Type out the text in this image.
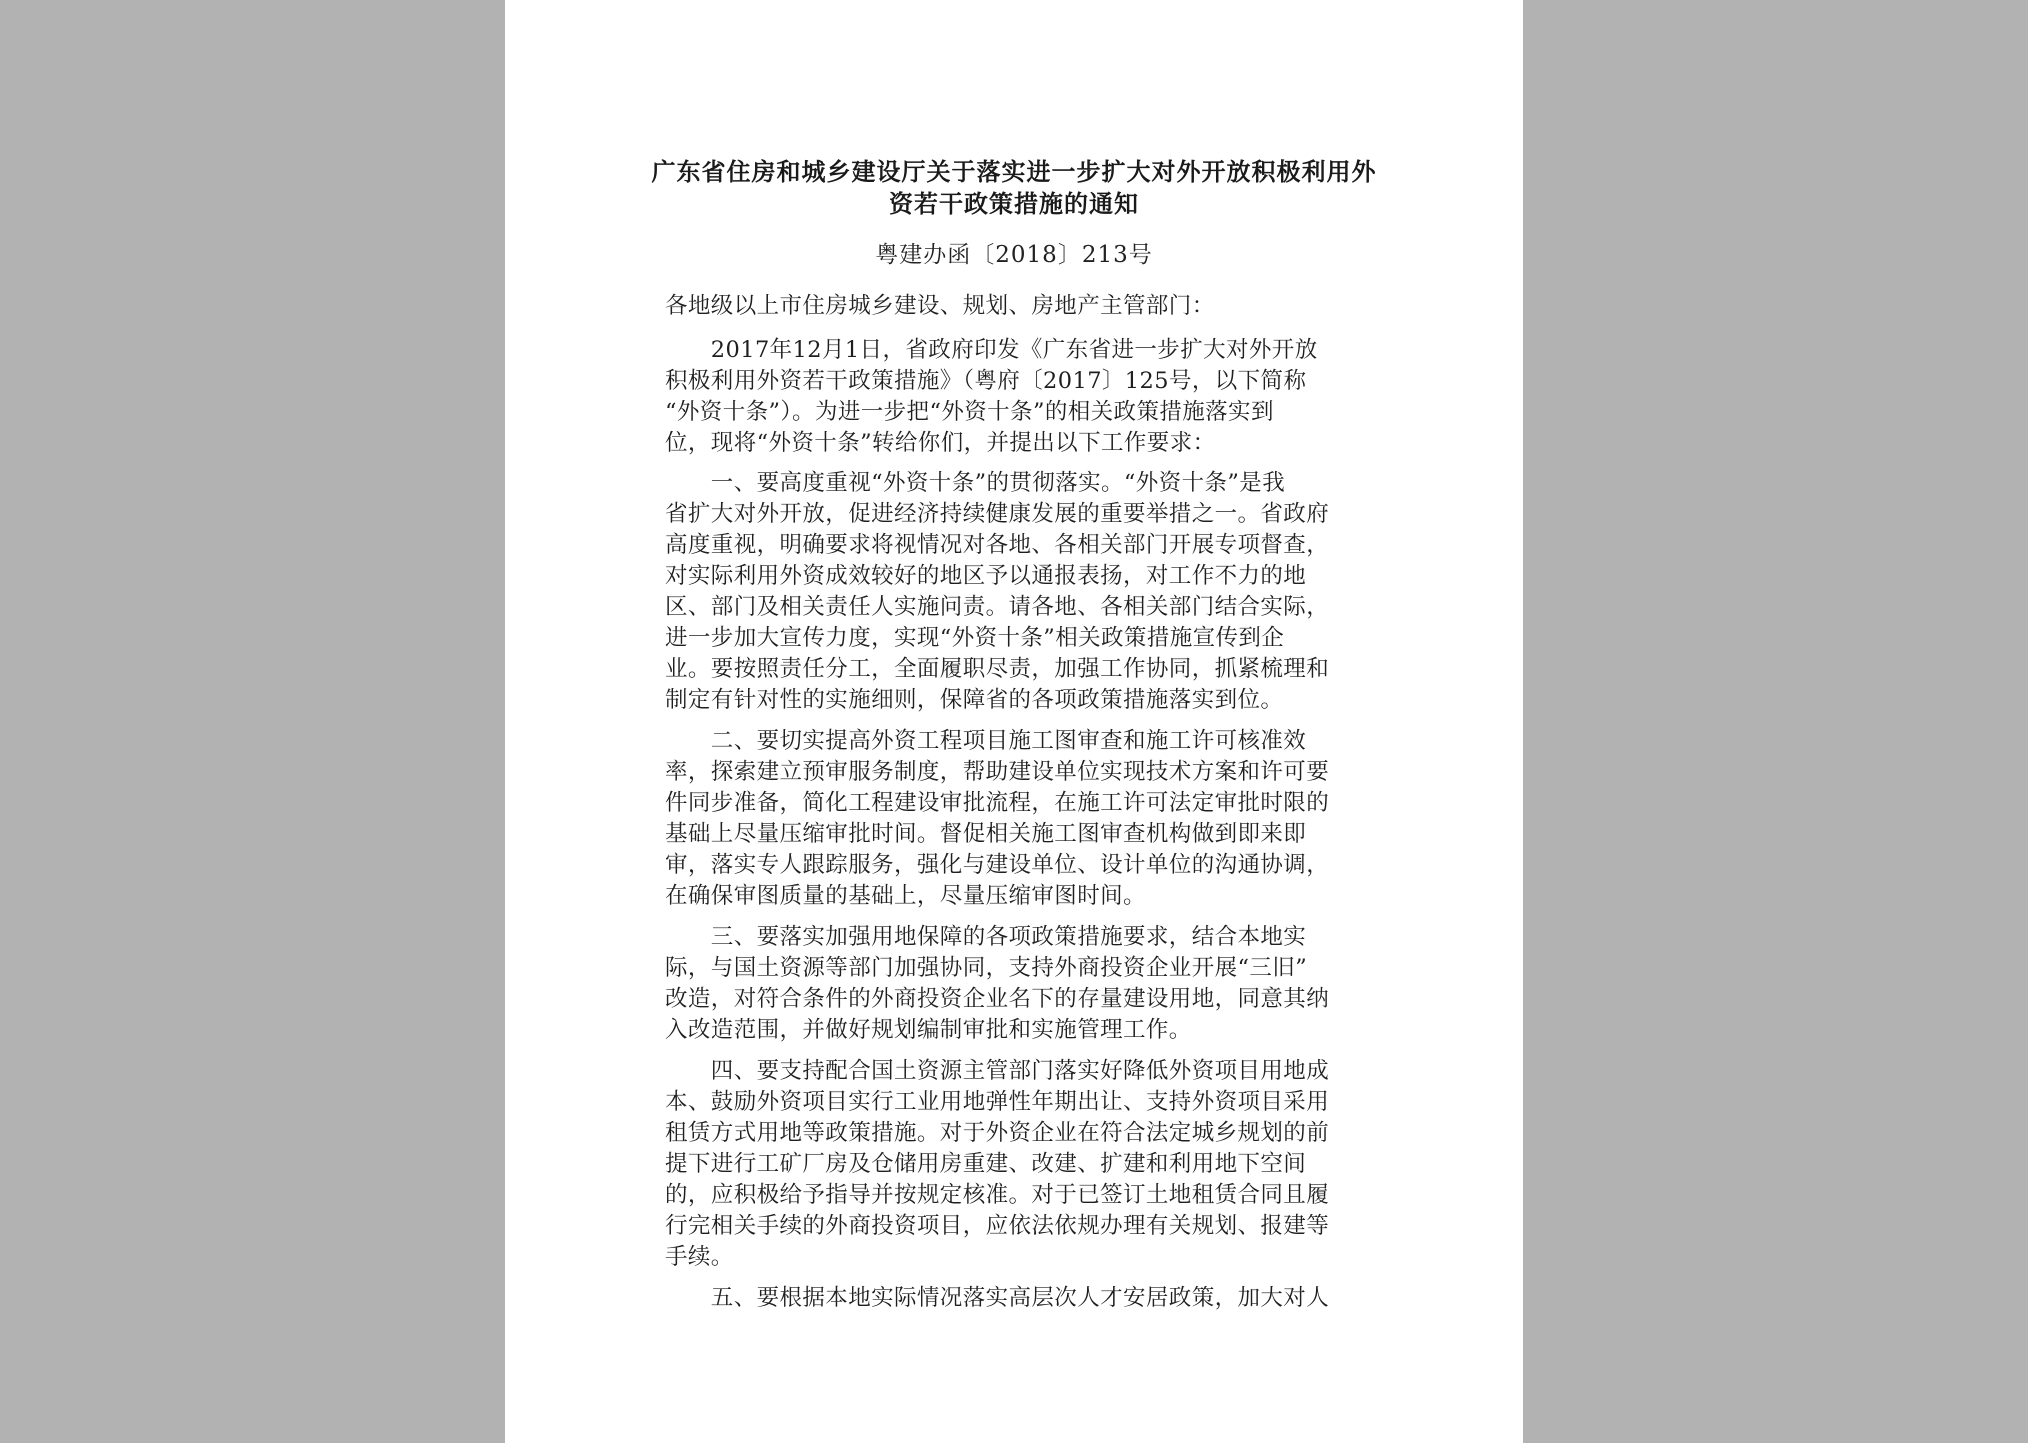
广东省住房和城乡建设厅关于落实进一步扩大对外开放积极利用外
资若干政策措施的通知
粤建办函〔2018〕213号

各地级以上市住房城乡建设、规划、房地产主管部门：

　　2017年12月1日，省政府印发《广东省进一步扩大对外开放

积极利用外资若干政策措施》（粤府〔2017〕125号，以下简称

“外资十条”）。为进一步把“外资十条”的相关政策措施落实到

位，现将“外资十条”转给你们，并提出以下工作要求：

　　一、要高度重视“外资十条”的贯彻落实。“外资十条”是我

省扩大对外开放，促进经济持续健康发展的重要举措之一。省政府

高度重视，明确要求将视情况对各地、各相关部门开展专项督查，

对实际利用外资成效较好的地区予以通报表扬，对工作不力的地

区、部门及相关责任人实施问责。请各地、各相关部门结合实际，

进一步加大宣传力度，实现“外资十条”相关政策措施宣传到企

业。要按照责任分工，全面履职尽责，加强工作协同，抓紧梳理和

制定有针对性的实施细则，保障省的各项政策措施落实到位。

　　二、要切实提高外资工程项目施工图审查和施工许可核准效

率，探索建立预审服务制度，帮助建设单位实现技术方案和许可要

件同步准备，简化工程建设审批流程，在施工许可法定审批时限的

基础上尽量压缩审批时间。督促相关施工图审查机构做到即来即

审，落实专人跟踪服务，强化与建设单位、设计单位的沟通协调，

在确保审图质量的基础上，尽量压缩审图时间。

　　三、要落实加强用地保障的各项政策措施要求，结合本地实

际，与国土资源等部门加强协同，支持外商投资企业开展“三旧”

改造，对符合条件的外商投资企业名下的存量建设用地，同意其纳

入改造范围，并做好规划编制审批和实施管理工作。

　　四、要支持配合国土资源主管部门落实好降低外资项目用地成

本、鼓励外资项目实行工业用地弹性年期出让、支持外资项目采用

租赁方式用地等政策措施。对于外资企业在符合法定城乡规划的前

提下进行工矿厂房及仓储用房重建、改建、扩建和利用地下空间

的，应积极给予指导并按规定核准。对于已签订土地租赁合同且履

行完相关手续的外商投资项目，应依法依规办理有关规划、报建等

手续。

　　五、要根据本地实际情况落实高层次人才安居政策，加大对人
